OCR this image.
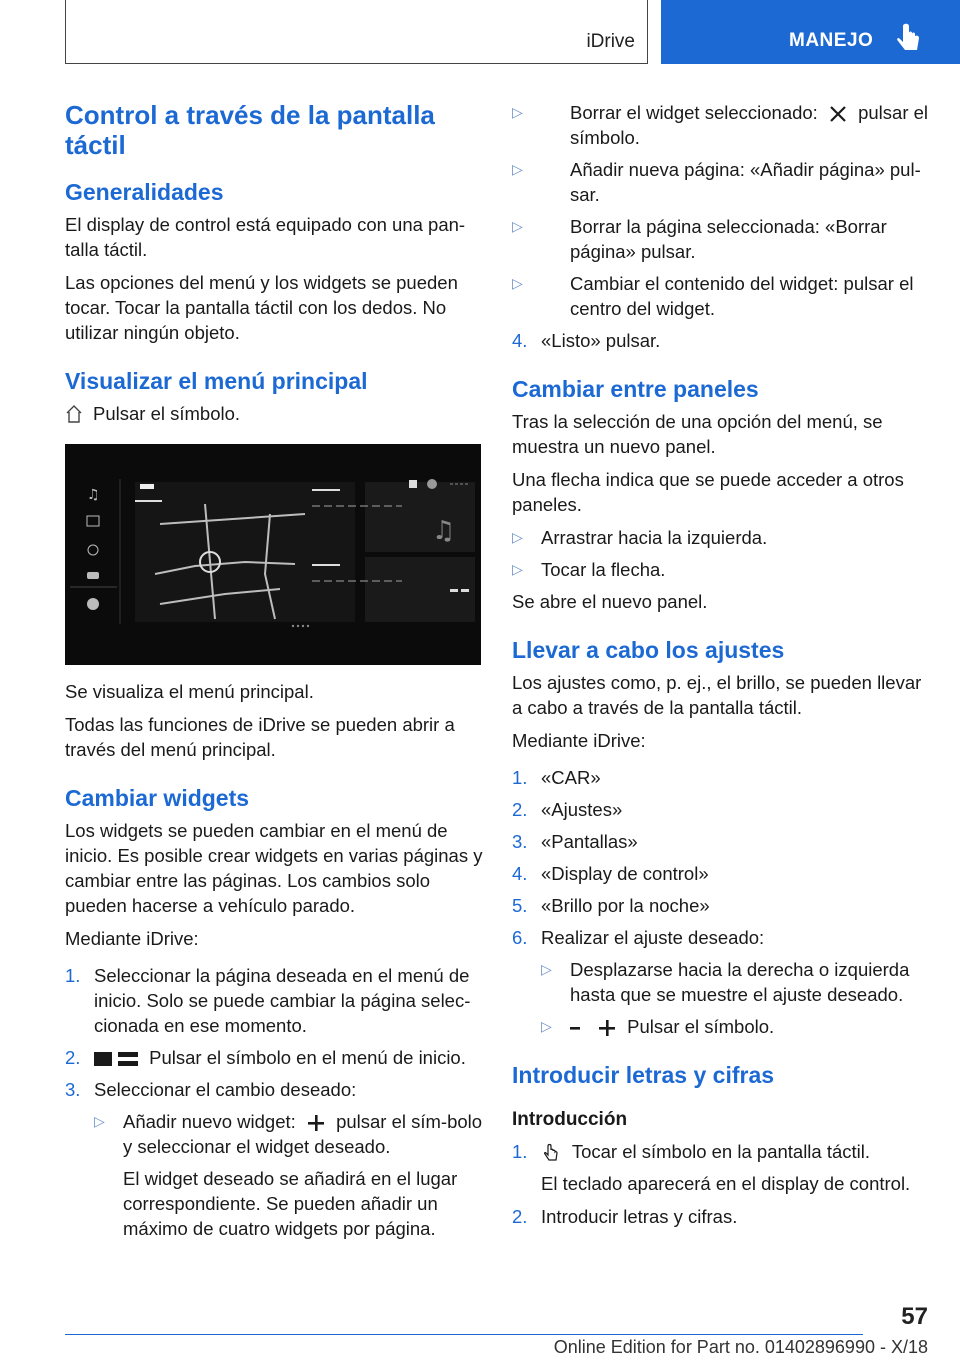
iDrive	MANEJO
Control a través de la pantalla táctil
Generalidades

El display de control está equipado con una pan-talla táctil.

Las opciones del menú y los widgets se pueden tocar. Tocar la pantalla táctil con los dedos. No utilizar ningún objeto.

Visualizar el menú principal
Pulsar el símbolo.
♫
♫

Se visualiza el menú principal.

Todas las funciones de iDrive se pueden abrir a través del menú principal.

Cambiar widgets

Los widgets se pueden cambiar en el menú de inicio. Es posible crear widgets en varias páginas y cambiar entre las páginas. Los cambios solo pueden hacerse a vehículo parado.

Mediante iDrive:

1. Seleccionar la página deseada en el menú de inicio. Solo se puede cambiar la página selec-cionada en ese momento.
2.	Pulsar el símbolo en el menú de inicio.
3. Seleccionar el cambio deseado:
▷ Añadir nuevo widget: pulsar el sím-bolo y seleccionar el widget deseado.

El widget deseado se añadirá en el lugar correspondiente. Se pueden añadir un máximo de cuatro widgets por página.

▷	Borrar el widget seleccionado: pulsar el símbolo.
▷	Añadir nueva página: «Añadir página» pul-sar.
▷	Borrar la página seleccionada: «Borrar página» pulsar.
▷	Cambiar el contenido del widget: pulsar el centro del widget.
4. «Listo» pulsar.
Cambiar entre paneles

Tras la selección de una opción del menú, se muestra un nuevo panel.

Una flecha indica que se puede acceder a otros paneles.

▷ Arrastrar hacia la izquierda.
▷ Tocar la flecha.

Se abre el nuevo panel.

Llevar a cabo los ajustes

Los ajustes como, p. ej., el brillo, se pueden llevar a cabo a través de la pantalla táctil.

Mediante iDrive:

1. «CAR»
2. «Ajustes»
3. «Pantallas»
4. «Display de control»
5. «Brillo por la noche»
6. Realizar el ajuste deseado:
▷ Desplazarse hacia la derecha o izquierda hasta que se muestre el ajuste deseado.
▷	Pulsar el símbolo.
Introducir letras y cifras
Introducción
1. Tocar el símbolo en la pantalla táctil.

El teclado aparecerá en el display de control.

2. Introducir letras y cifras.
57
Online Edition for Part no. 01402896990 - X/18
